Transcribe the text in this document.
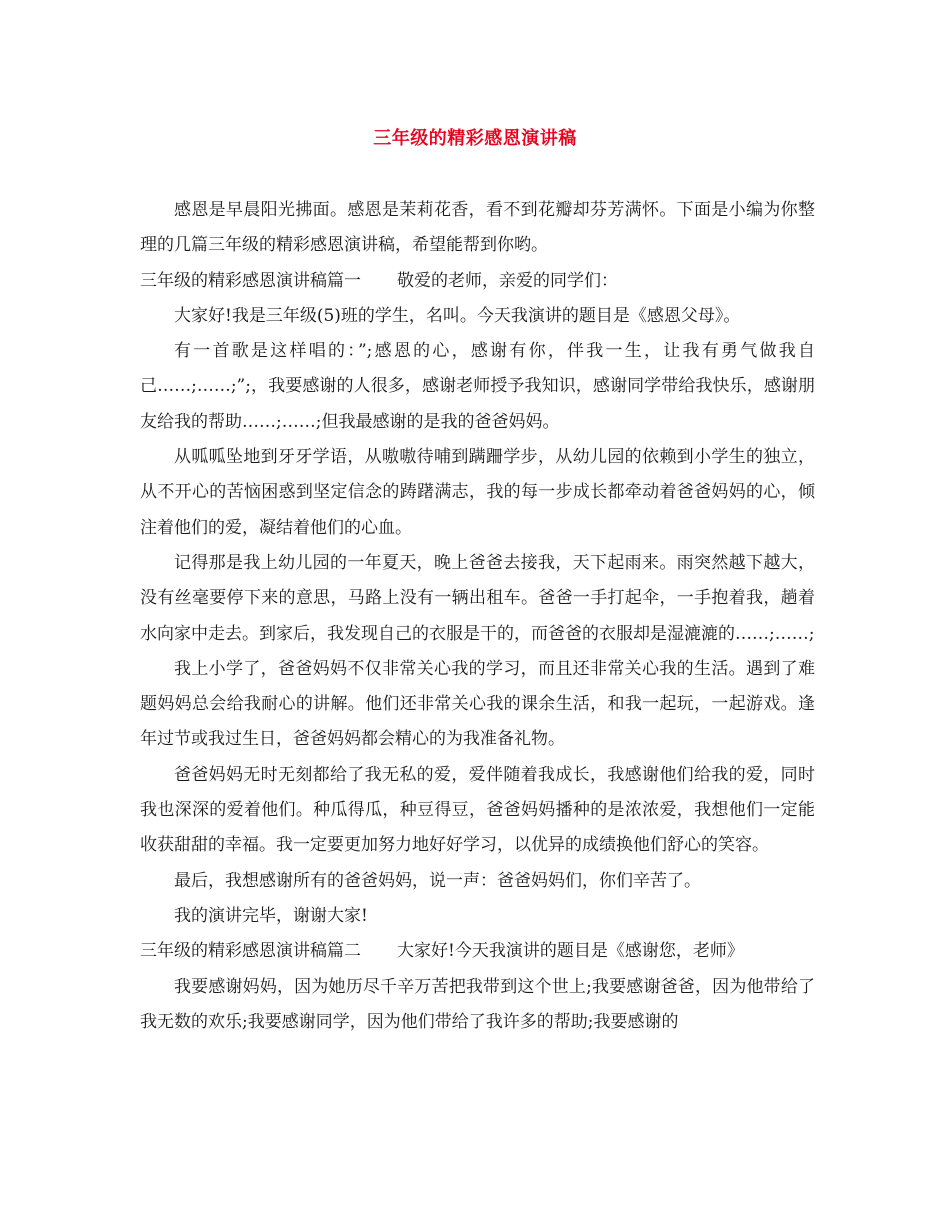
三年级的精彩感恩演讲稿

感恩是早晨阳光拂面。感恩是茉莉花香，看不到花瓣却芬芳满怀。下面是小编为你整理的几篇三年级的精彩感恩演讲稿，希望能帮到你哟。

三年级的精彩感恩演讲稿篇一 敬爱的老师，亲爱的同学们：

大家好!我是三年级(5)班的学生，名叫。今天我演讲的题目是《感恩父母》。

有一首歌是这样唱的：”;感恩的心，感谢有你，伴我一生，让我有勇气做我自己……;……;”;，我要感谢的人很多，感谢老师授予我知识，感谢同学带给我快乐，感谢朋友给我的帮助……;……;但我最感谢的是我的爸爸妈妈。

从呱呱坠地到牙牙学语，从嗷嗷待哺到蹒跚学步，从幼儿园的依赖到小学生的独立，从不开心的苦恼困惑到坚定信念的踌躇满志，我的每一步成长都牵动着爸爸妈妈的心，倾注着他们的爱，凝结着他们的心血。

记得那是我上幼儿园的一年夏天，晚上爸爸去接我，天下起雨来。雨突然越下越大，没有丝毫要停下来的意思，马路上没有一辆出租车。爸爸一手打起伞，一手抱着我，趟着水向家中走去。到家后，我发现自己的衣服是干的，而爸爸的衣服却是湿漉漉的……;……;

我上小学了，爸爸妈妈不仅非常关心我的学习，而且还非常关心我的生活。遇到了难题妈妈总会给我耐心的讲解。他们还非常关心我的课余生活，和我一起玩，一起游戏。逢年过节或我过生日，爸爸妈妈都会精心的为我准备礼物。

爸爸妈妈无时无刻都给了我无私的爱，爱伴随着我成长，我感谢他们给我的爱，同时我也深深的爱着他们。种瓜得瓜，种豆得豆，爸爸妈妈播种的是浓浓爱，我想他们一定能收获甜甜的幸福。我一定要更加努力地好好学习，以优异的成绩换他们舒心的笑容。

最后，我想感谢所有的爸爸妈妈，说一声：爸爸妈妈们，你们辛苦了。

我的演讲完毕，谢谢大家!

三年级的精彩感恩演讲稿篇二 大家好!今天我演讲的题目是《感谢您，老师》

我要感谢妈妈，因为她历尽千辛万苦把我带到这个世上;我要感谢爸爸，因为他带给了我无数的欢乐;我要感谢同学，因为他们带给了我许多的帮助;我要感谢的
